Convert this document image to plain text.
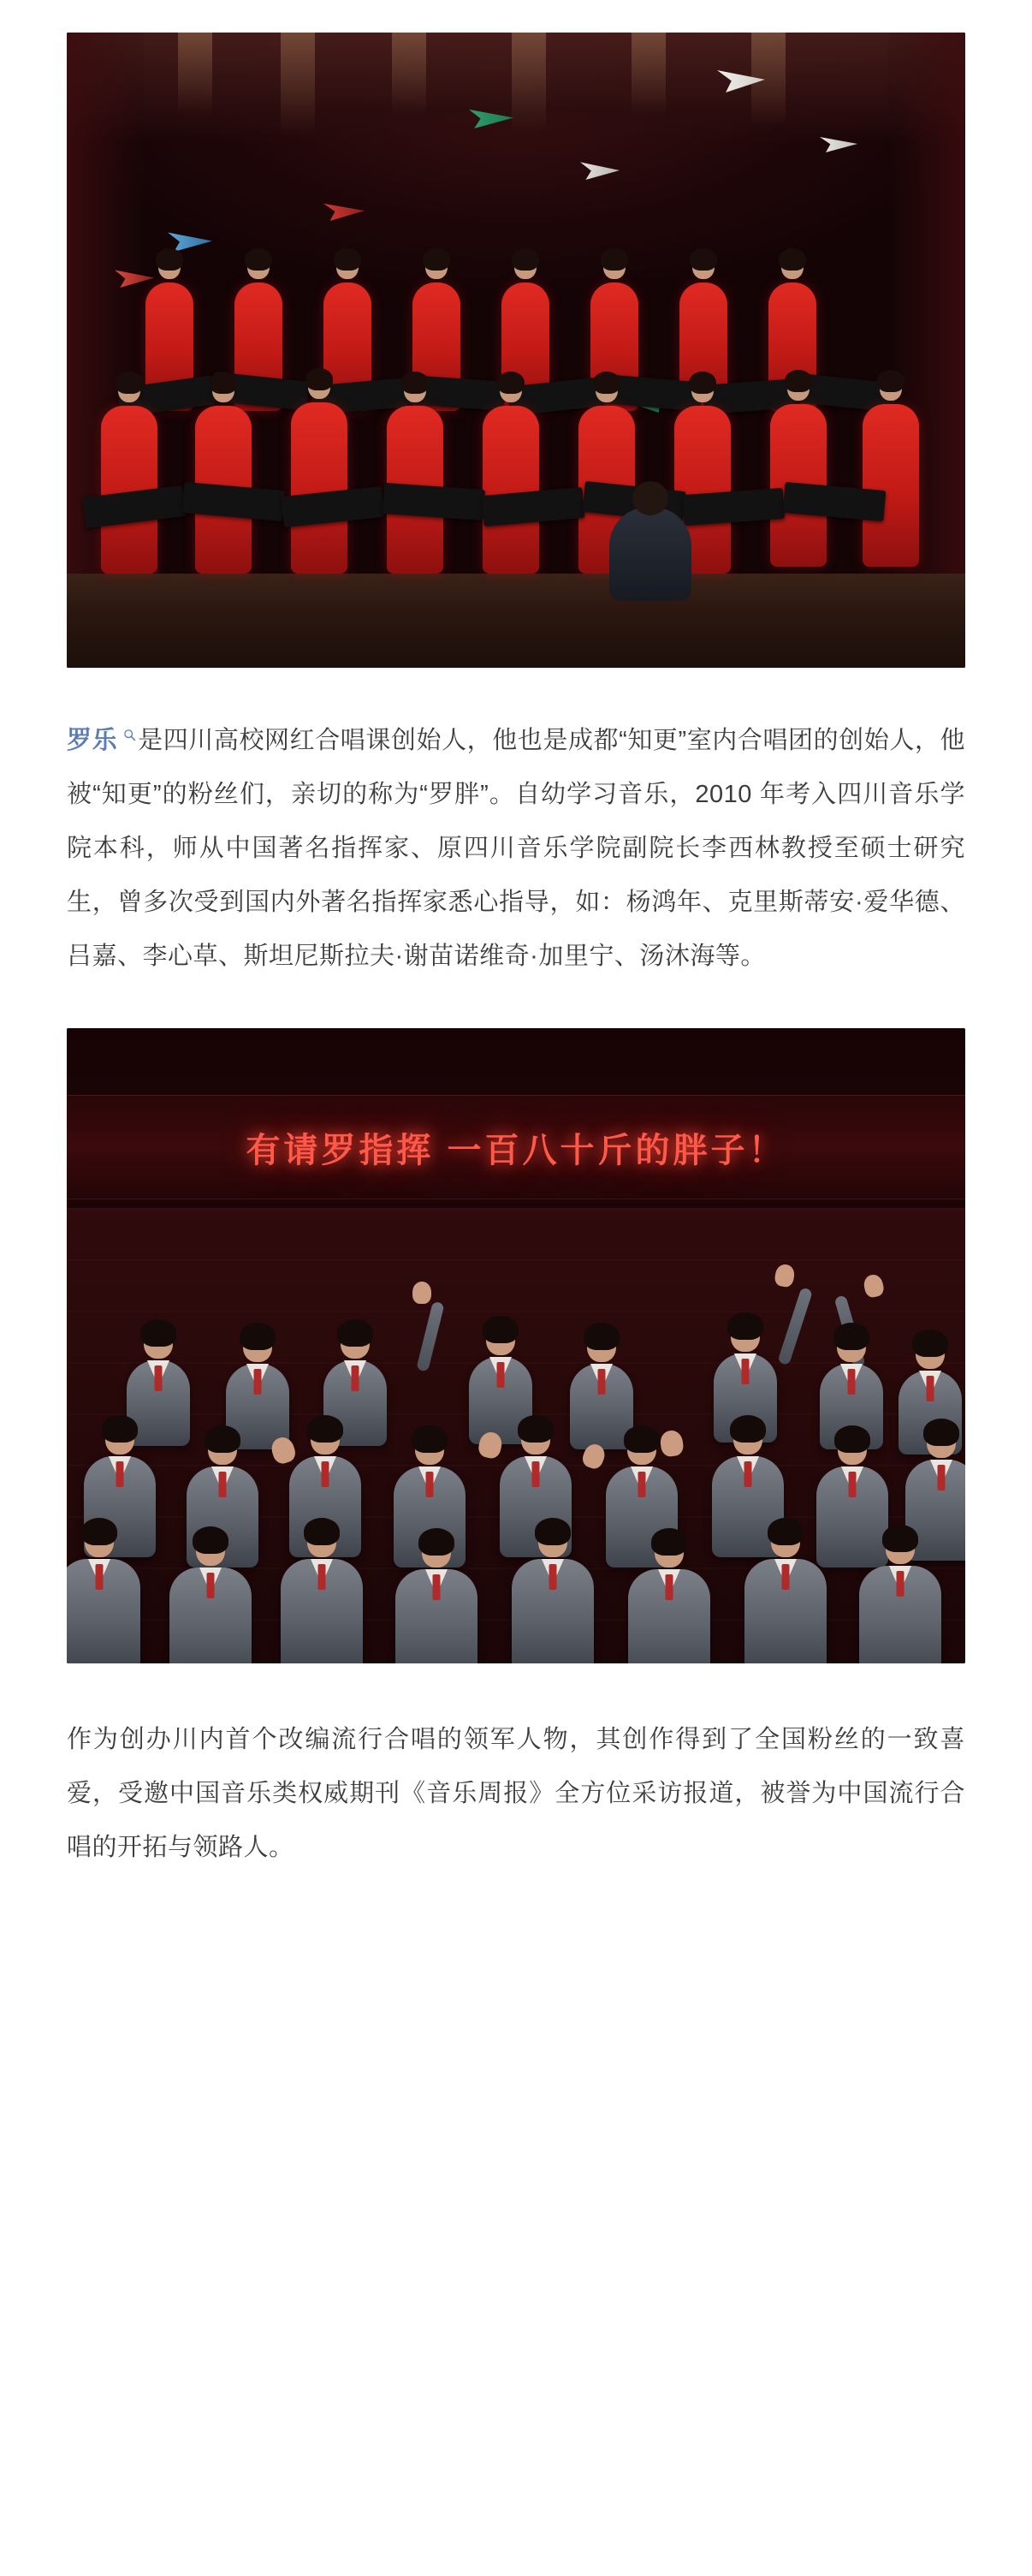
罗乐 是四川高校网红合唱课创始人，他也是成都“知更”室内合唱团的创始人，他被“知更”的粉丝们，亲切的称为“罗胖”。自幼学习音乐，2010 年考入四川音乐学院本科，师从中国著名指挥家、原四川音乐学院副院长李西林教授至硕士研究生，曾多次受到国内外著名指挥家悉心指导，如：杨鸿年、克里斯蒂安·爱华德、吕嘉、李心草、斯坦尼斯拉夫·谢苗诺维奇·加里宁、汤沐海等。

有请罗指挥 一百八十斤的胖子！

作为创办川内首个改编流行合唱的领军人物，其创作得到了全国粉丝的一致喜爱，受邀中国音乐类权威期刊《音乐周报》全方位采访报道，被誉为中国流行合唱的开拓与领路人。
